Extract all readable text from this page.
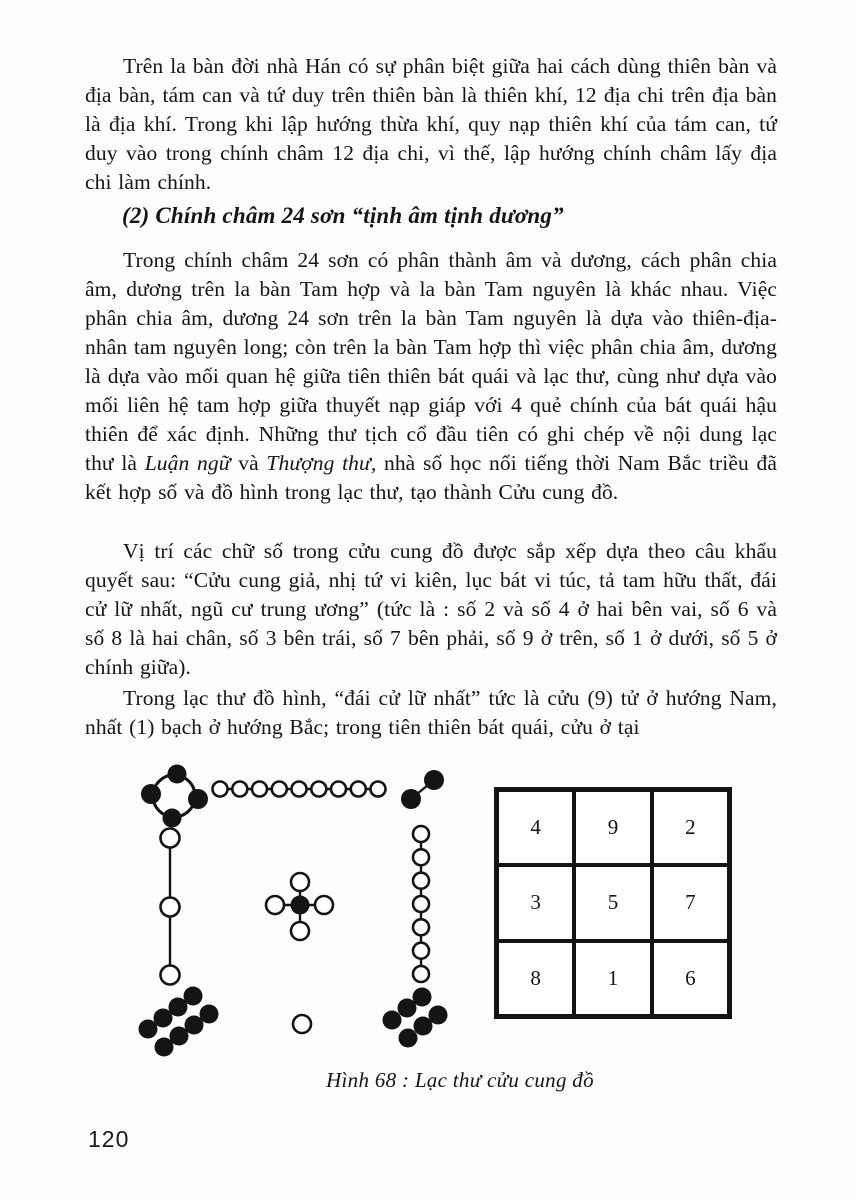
Trên la bàn đời nhà Hán có sự phân biệt giữa hai cách dùng thiên bàn và địa bàn, tám can và tứ duy trên thiên bàn là thiên khí, 12 địa chi trên địa bàn là địa khí. Trong khi lập hướng thừa khí, quy nạp thiên khí của tám can, tứ duy vào trong chính châm 12 địa chi, vì thế, lập hướng chính châm lấy địa chi làm chính.

(2) Chính châm 24 sơn “tịnh âm tịnh dương”

Trong chính châm 24 sơn có phân thành âm và dương, cách phân chia âm, dương trên la bàn Tam hợp và la bàn Tam nguyên là khác nhau. Việc phân chia âm, dương 24 sơn trên la bàn Tam nguyên là dựa vào thiên-địa-nhân tam nguyên long; còn trên la bàn Tam hợp thì việc phân chia âm, dương là dựa vào mối quan hệ giữa tiên thiên bát quái và lạc thư, cùng như dựa vào mối liên hệ tam hợp giữa thuyết nạp giáp với 4 quẻ chính của bát quái hậu thiên để xác định. Những thư tịch cổ đầu tiên có ghi chép về nội dung lạc thư là Luận ngữ và Thượng thư, nhà số học nổi tiếng thời Nam Bắc triều đã kết hợp số và đồ hình trong lạc thư, tạo thành Cửu cung đồ.

Vị trí các chữ số trong cửu cung đồ được sắp xếp dựa theo câu khẩu quyết sau: “Cửu cung giả, nhị tứ vi kiên, lục bát vi túc, tả tam hữu thất, đái cử lữ nhất, ngũ cư trung ương” (tức là : số 2 và số 4 ở hai bên vai, số 6 và số 8 là hai chân, số 3 bên trái, số 7 bên phải, số 9 ở trên, số 1 ở dưới, số 5 ở chính giữa).

Trong lạc thư đồ hình, “đái cử lữ nhất” tức là cửu (9) tử ở hướng Nam, nhất (1) bạch ở hướng Bắc; trong tiên thiên bát quái, cửu ở tại

4	9	2
3	5	7
8	1	6
Hình 68 : Lạc thư cửu cung đồ
120
